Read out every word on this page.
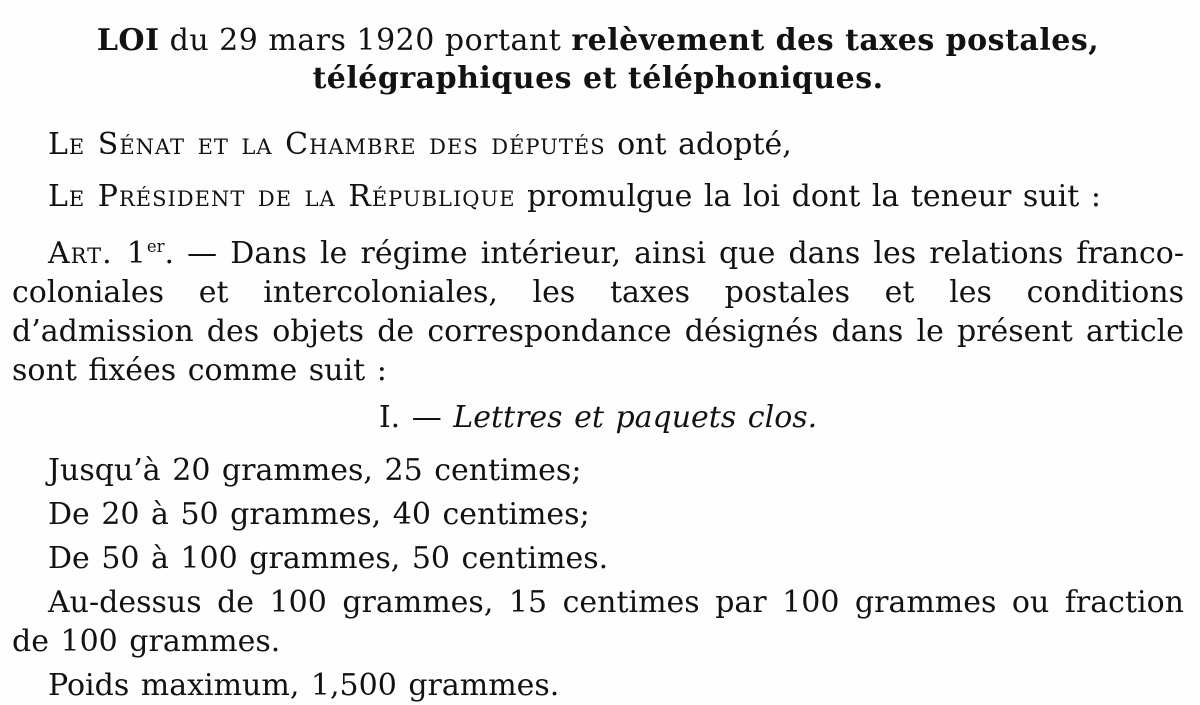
LOI du 29 mars 1920 portant relèvement des taxes postales, télégraphiques et téléphoniques.

Le Sénat et la Chambre des députés ont adopté,

Le Président de la République promulgue la loi dont la teneur suit :

Art. 1er. — Dans le régime intérieur, ainsi que dans les relations franco-coloniales et intercoloniales, les taxes postales et les conditions d’admission des objets de correspondance désignés dans le présent article sont fixées comme suit :

I. — Lettres et paquets clos.

Jusqu’à 20 grammes, 25 centimes;

De 20 à 50 grammes, 40 centimes;

De 50 à 100 grammes, 50 centimes.

Au-dessus de 100 grammes, 15 centimes par 100 grammes ou fraction de 100 grammes.

Poids maximum, 1,500 grammes.
